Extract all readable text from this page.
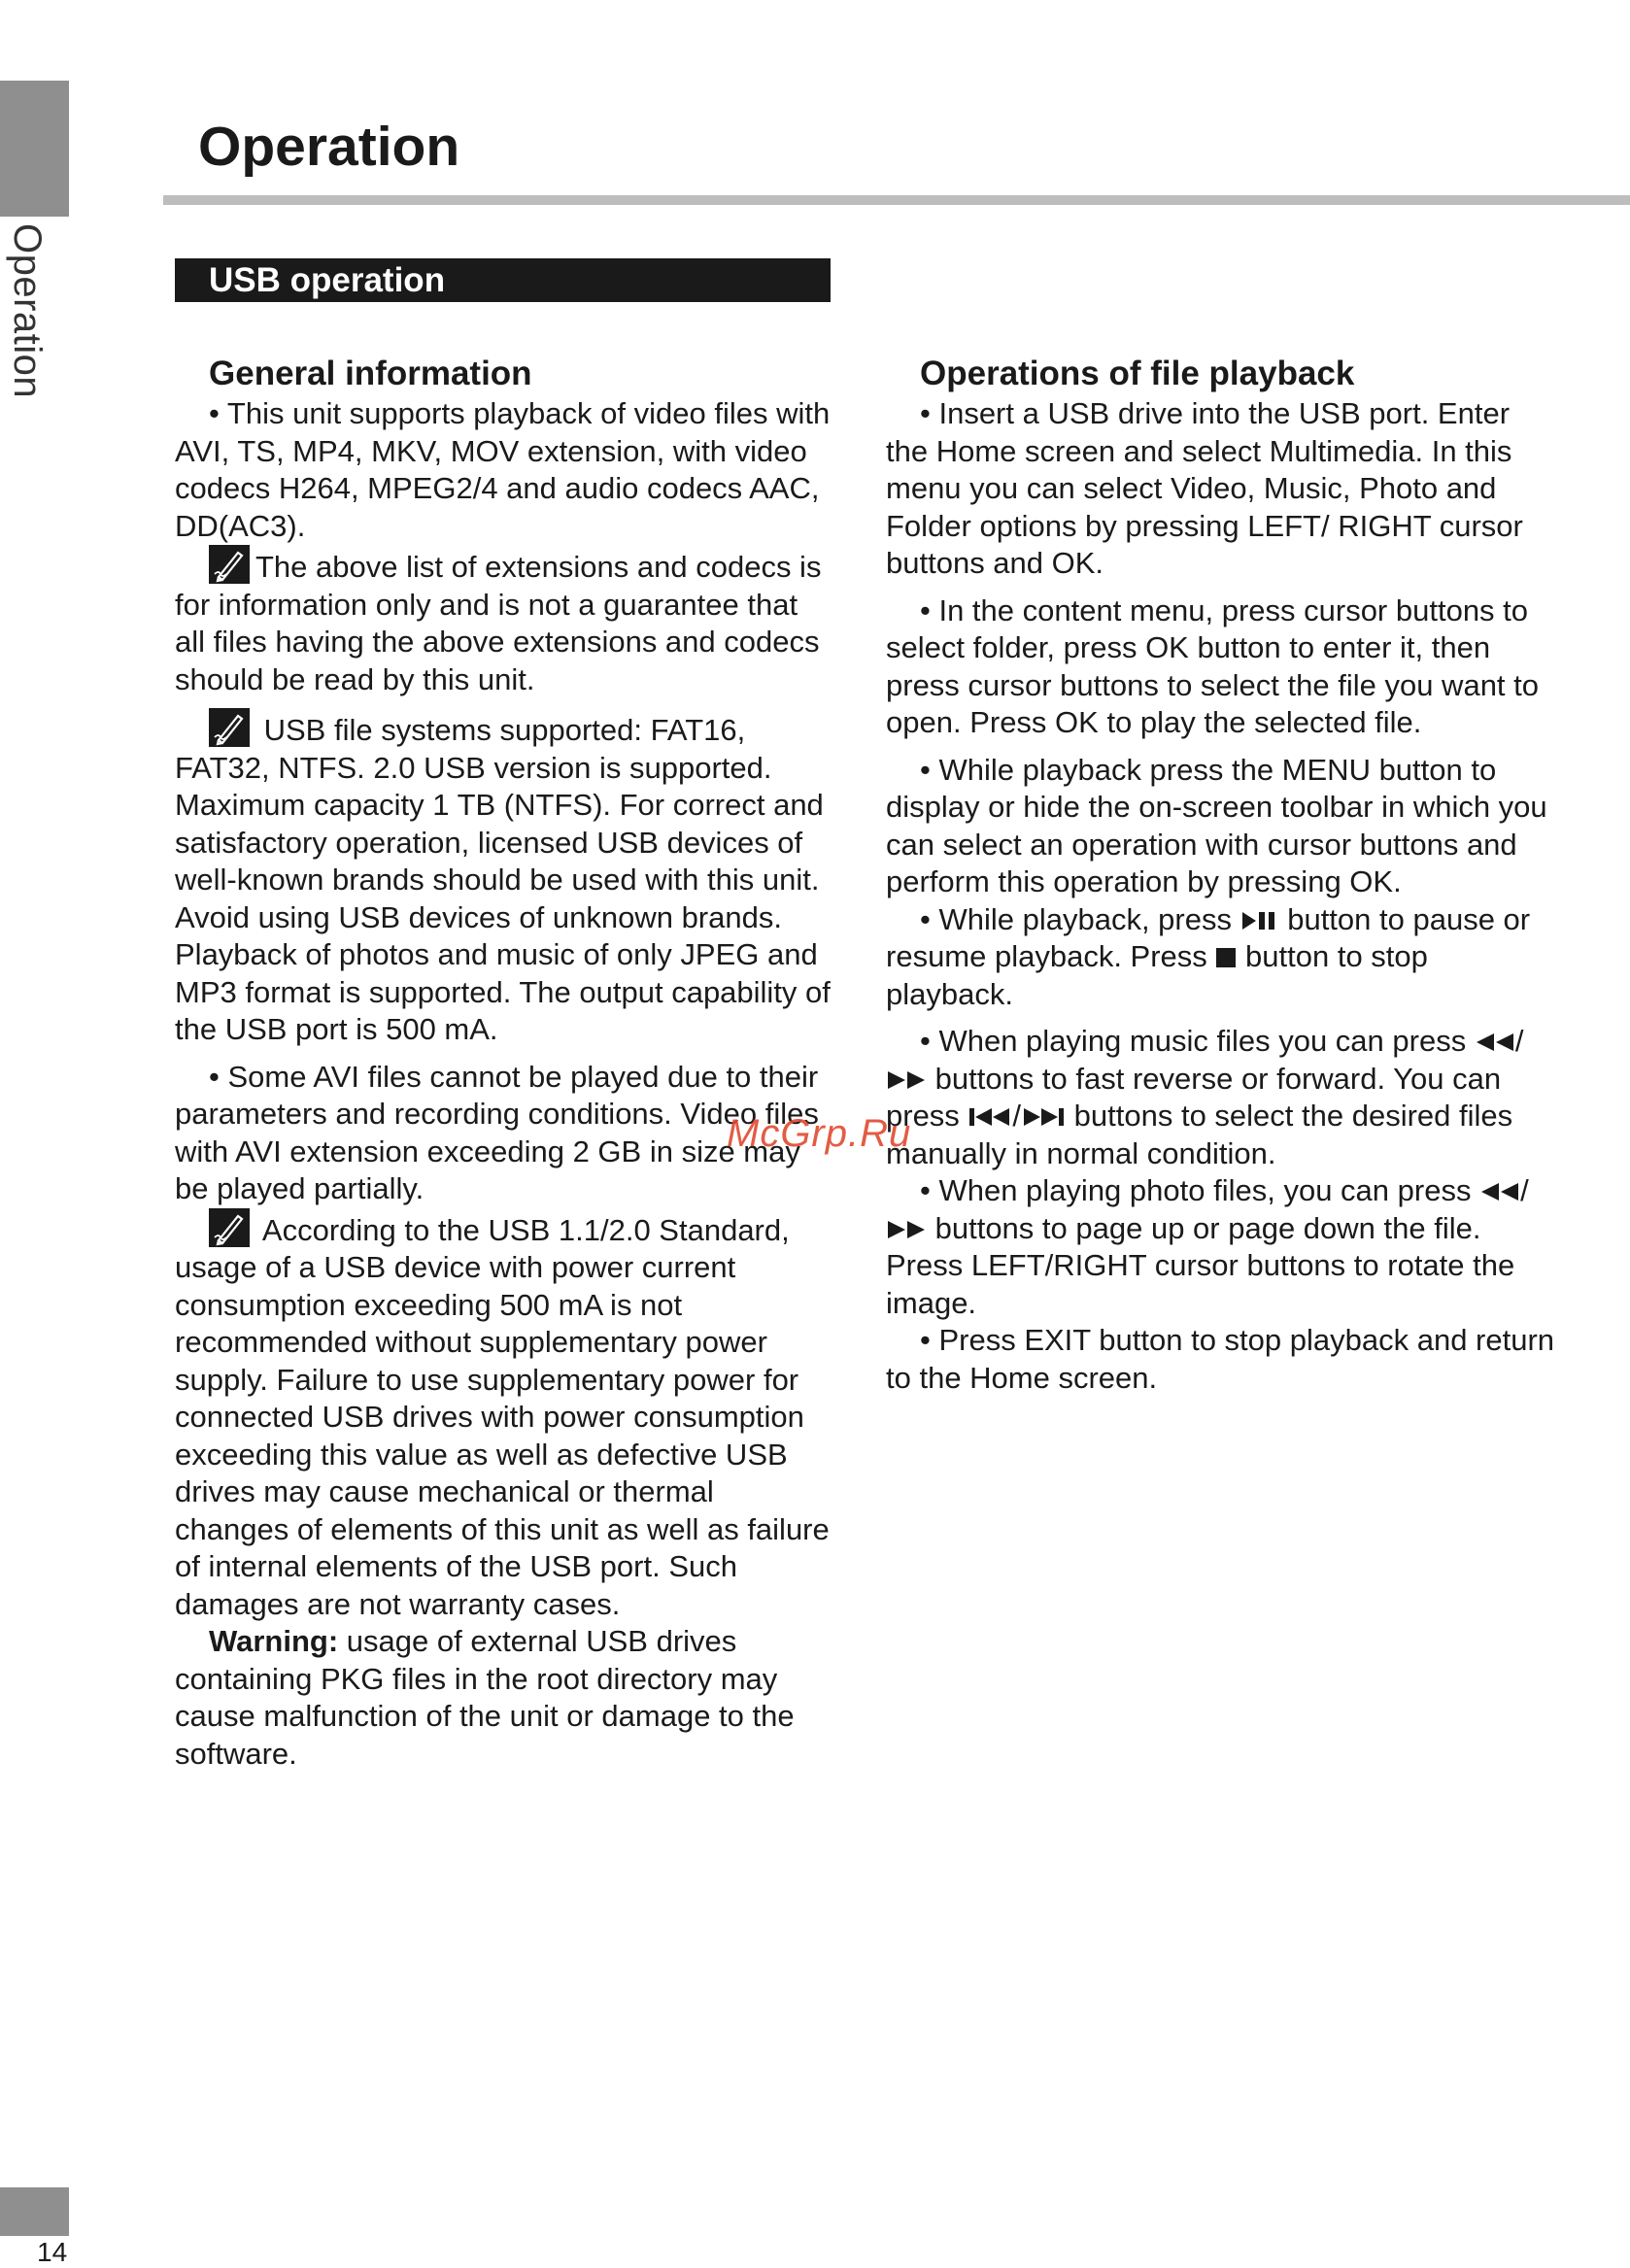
Operation
Operation
USB operation
General information

• This unit supports playback of video files with AVI, TS, MP4, MKV, MOV extension, with video codecs H264, MPEG2/4 and audio codecs AAC, DD(AC3).

The above list of extensions and codecs is for information only and is not a guarantee that all files having the above extensions and codecs should be read by this unit.

USB file systems supported: FAT16, FAT32, NTFS. 2.0 USB version is supported. Maximum capacity 1 TB (NTFS). For correct and satisfactory operation, licensed USB devices of well-known brands should be used with this unit. Avoid using USB devices of unknown brands. Playback of photos and music of only JPEG and MP3 format is supported. The output capability of the USB port is 500 mA.

• Some AVI files cannot be played due to their parameters and recording conditions. Video files with AVI extension exceeding 2 GB in size may be played partially.

According to the USB 1.1/2.0 Standard, usage of a USB device with power current consumption exceeding 500 mA is not recommended without supplementary power supply. Failure to use supplementary power for connected USB drives with power consumption exceeding this value as well as defective USB drives may cause mechanical or thermal changes of elements of this unit as well as failure of internal elements of the USB port. Such damages are not warranty cases.

Warning: usage of external USB drives containing PKG files in the root directory may cause malfunction of the unit or damage to the software.

Operations of file playback

• Insert a USB drive into the USB port. Enter the Home screen and select Multimedia. In this menu you can select Video, Music, Photo and Folder options by pressing LEFT/ RIGHT cursor buttons and OK.

• In the content menu, press cursor buttons to select folder, press OK button to enter it, then press cursor buttons to select the file you want to open. Press OK to play the selected file.

• While playback press the MENU button to display or hide the on-screen toolbar in which you can select an operation with cursor buttons and perform this operation by pressing OK.

• While playback, press
button to pause or resume playback. Press
button to stop playback.

• When playing music files you can press
/
buttons to fast reverse or forward. You can press
/
buttons to select the desired files manually in normal condition.

• When playing photo files, you can press
/
buttons to page up or page down the file. Press LEFT/RIGHT cursor buttons to rotate the image.

• Press EXIT button to stop playback and return to the Home screen.

McGrp.Ru
14
